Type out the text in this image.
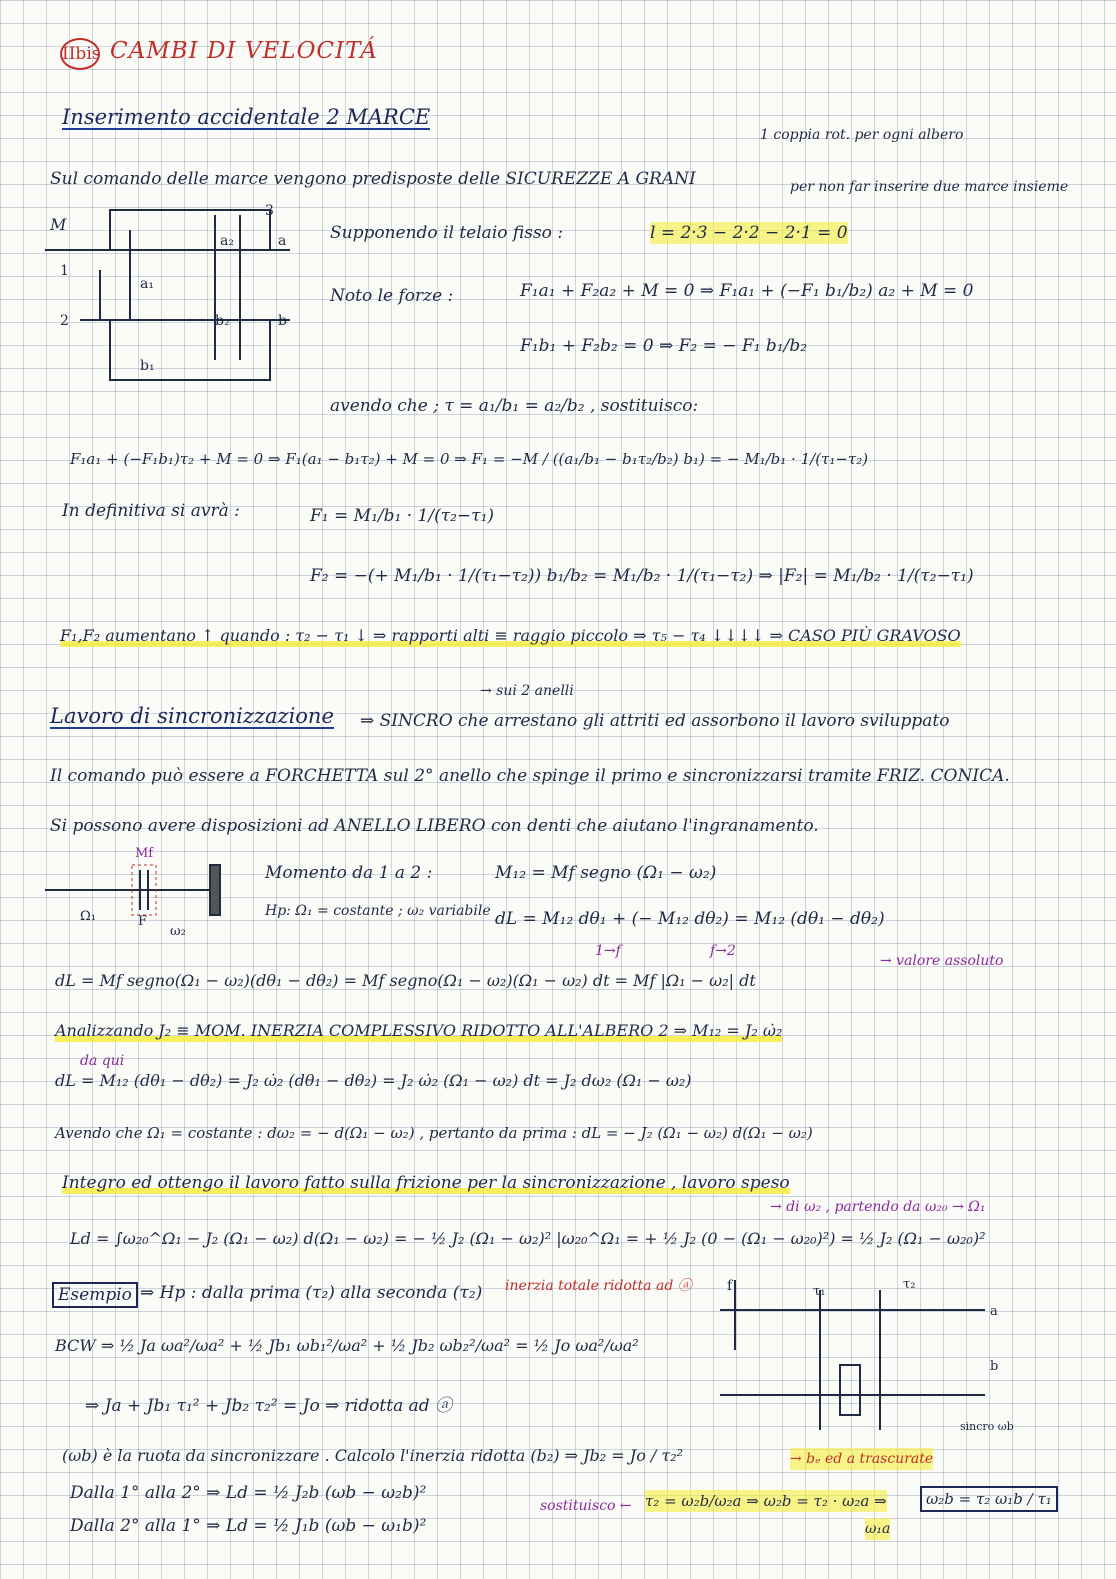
IIbis CAMBI DI VELOCITÁ
Inserimento accidentale 2 MARCE
1 coppia rot. per ogni albero
Sul comando delle marce vengono predisposte delle SICUREZZE A GRANI	per non far inserire due marce insieme
M
1
2
a₂
a₁
b₂
b₁
3
a
b
Supponendo il telaio fisso :	l = 2·3 − 2·2 − 2·1 = 0
Noto le forze :	F₁a₁ + F₂a₂ + M = 0 ⇒ F₁a₁ + (−F₁ b₁/b₂) a₂ + M = 0
F₁b₁ + F₂b₂ = 0 ⇒ F₂ = − F₁ b₁/b₂
avendo che ; τ = a₁/b₁ = a₂/b₂ , sostituisco:
F₁a₁ + (−F₁b₁)τ₂ + M = 0 ⇒ F₁(a₁ − b₁τ₂) + M = 0 ⇒ F₁ = −M / ((a₁/b₁ − b₁τ₂/b₂) b₁) = − M₁/b₁ · 1/(τ₁−τ₂)
In definitiva si avrà :	F₁ = M₁/b₁ · 1/(τ₂−τ₁)
F₂ = −(+ M₁/b₁ · 1/(τ₁−τ₂)) b₁/b₂ = M₁/b₂ · 1/(τ₁−τ₂) ⇒ |F₂| = M₁/b₂ · 1/(τ₂−τ₁)
F₁,F₂ aumentano ↑ quando : τ₂ − τ₁ ↓ ⇒ rapporti alti ≡ raggio piccolo ⇒ τ₅ − τ₄ ↓↓↓↓ ⇒ CASO PIÙ GRAVOSO
→ sui 2 anelli
Lavoro di sincronizzazione ⇒ SINCRO che arrestano gli attriti ed assorbono il lavoro sviluppato
Il comando può essere a FORCHETTA sul 2° anello che spinge il primo e sincronizzarsi tramite FRIZ. CONICA.
Si possono avere disposizioni ad ANELLO LIBERO con denti che aiutano l'ingranamento.
Mf
F
Ω₁
ω₂
Momento da 1 a 2 :
Hp: Ω₁ = costante ; ω₂ variabile
M₁₂ = Mf segno (Ω₁ − ω₂)
dL = M₁₂ dθ₁ + (− M₁₂ dθ₂) = M₁₂ (dθ₁ − dθ₂)
1→f	f→2
→ valore assoluto
dL = Mf segno(Ω₁ − ω₂)(dθ₁ − dθ₂) = Mf segno(Ω₁ − ω₂)(Ω₁ − ω₂) dt = Mf |Ω₁ − ω₂| dt
Analizzando J₂ ≡ MOM. INERZIA COMPLESSIVO RIDOTTO ALL'ALBERO 2 ⇒ M₁₂ = J₂ ω̇₂
da qui
dL = M₁₂ (dθ₁ − dθ₂) = J₂ ω̇₂ (dθ₁ − dθ₂) = J₂ ω̇₂ (Ω₁ − ω₂) dt = J₂ dω₂ (Ω₁ − ω₂)
Avendo che Ω₁ = costante : dω₂ = − d(Ω₁ − ω₂) , pertanto da prima : dL = − J₂ (Ω₁ − ω₂) d(Ω₁ − ω₂)
Integro ed ottengo il lavoro fatto sulla frizione per la sincronizzazione , lavoro speso
→ di ω₂ , partendo da ω₂₀ → Ω₁
Ld = ∫ω₂₀^Ω₁ − J₂ (Ω₁ − ω₂) d(Ω₁ − ω₂) = − ½ J₂ (Ω₁ − ω₂)² |ω₂₀^Ω₁ = + ½ J₂ (0 − (Ω₁ − ω₂₀)²) = ½ J₂ (Ω₁ − ω₂₀)²
Esempio ⇒ Hp : dalla prima (τ₂) alla seconda (τ₂) inerzia totale ridotta ad ⓐ
BCW ⇒ ½ Ja ωa²/ωa² + ½ Jb₁ ωb₁²/ωa² + ½ Jb₂ ωb₂²/ωa² = ½ Jo ωa²/ωa²
⇒ Ja + Jb₁ τ₁² + Jb₂ τ₂² = Jo ⇒ ridotta ad ⓐ
(ωb) è la ruota da sincronizzare . Calcolo l'inerzia ridotta (b₂) ⇒ Jb₂ = Jo / τ₂²	→ bₑ ed a trascurate
Dalla 1° alla 2° ⇒ Ld = ½ J₂b (ωb − ω₂b)²
Dalla 2° alla 1° ⇒ Ld = ½ J₁b (ωb − ω₁b)²
sostituisco ← τ₂ = ω₂b/ω₂a ⇒ ω₂b = τ₂ · ω₂a ⇒	ω₂b = τ₂ ω₁b / τ₁
ω₁a
f	τ₁	τ₂
a
b
sincro ωb
